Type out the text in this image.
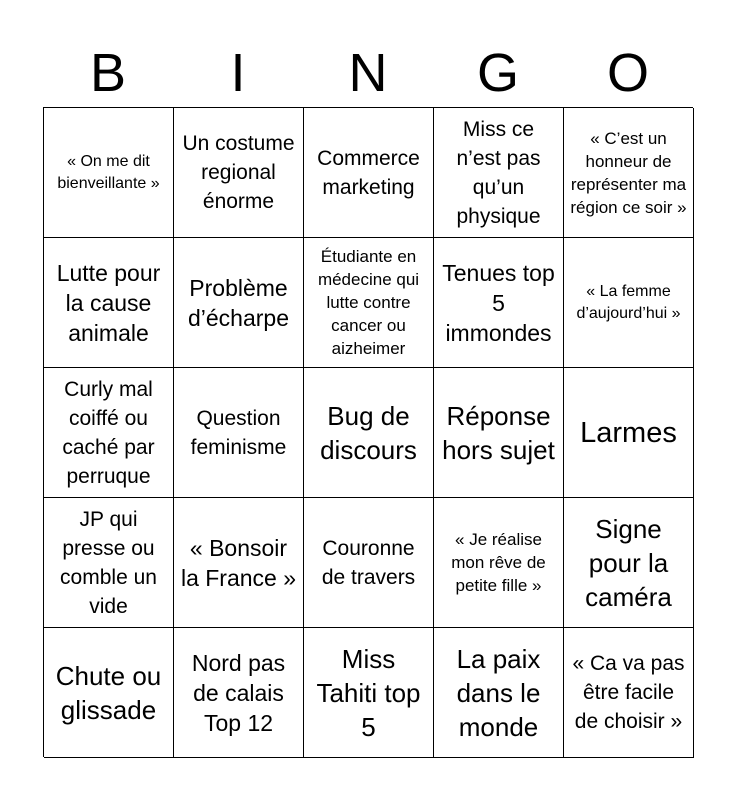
B	I	N	G	O
« On me dit bienveillante »
Un costume regional énorme
Commerce marketing
Miss ce n’est pas qu’un physique
« C’est un honneur de représenter ma région ce soir »
Lutte pour la cause animale
Problème d’écharpe
Étudiante en médecine qui lutte contre cancer ou aizheimer
Tenues top 5 immondes
« La femme d’aujourd’hui »
Curly mal coiffé ou caché par perruque
Question feminisme
Bug de discours
Réponse hors sujet
Larmes
JP qui presse ou comble un vide
« Bonsoir la France »
Couronne de travers
« Je réalise mon rêve de petite fille »
Signe pour la caméra
Chute ou glissade
Nord pas de calais Top 12
Miss Tahiti top 5
La paix dans le monde
« Ca va pas être facile de choisir »
